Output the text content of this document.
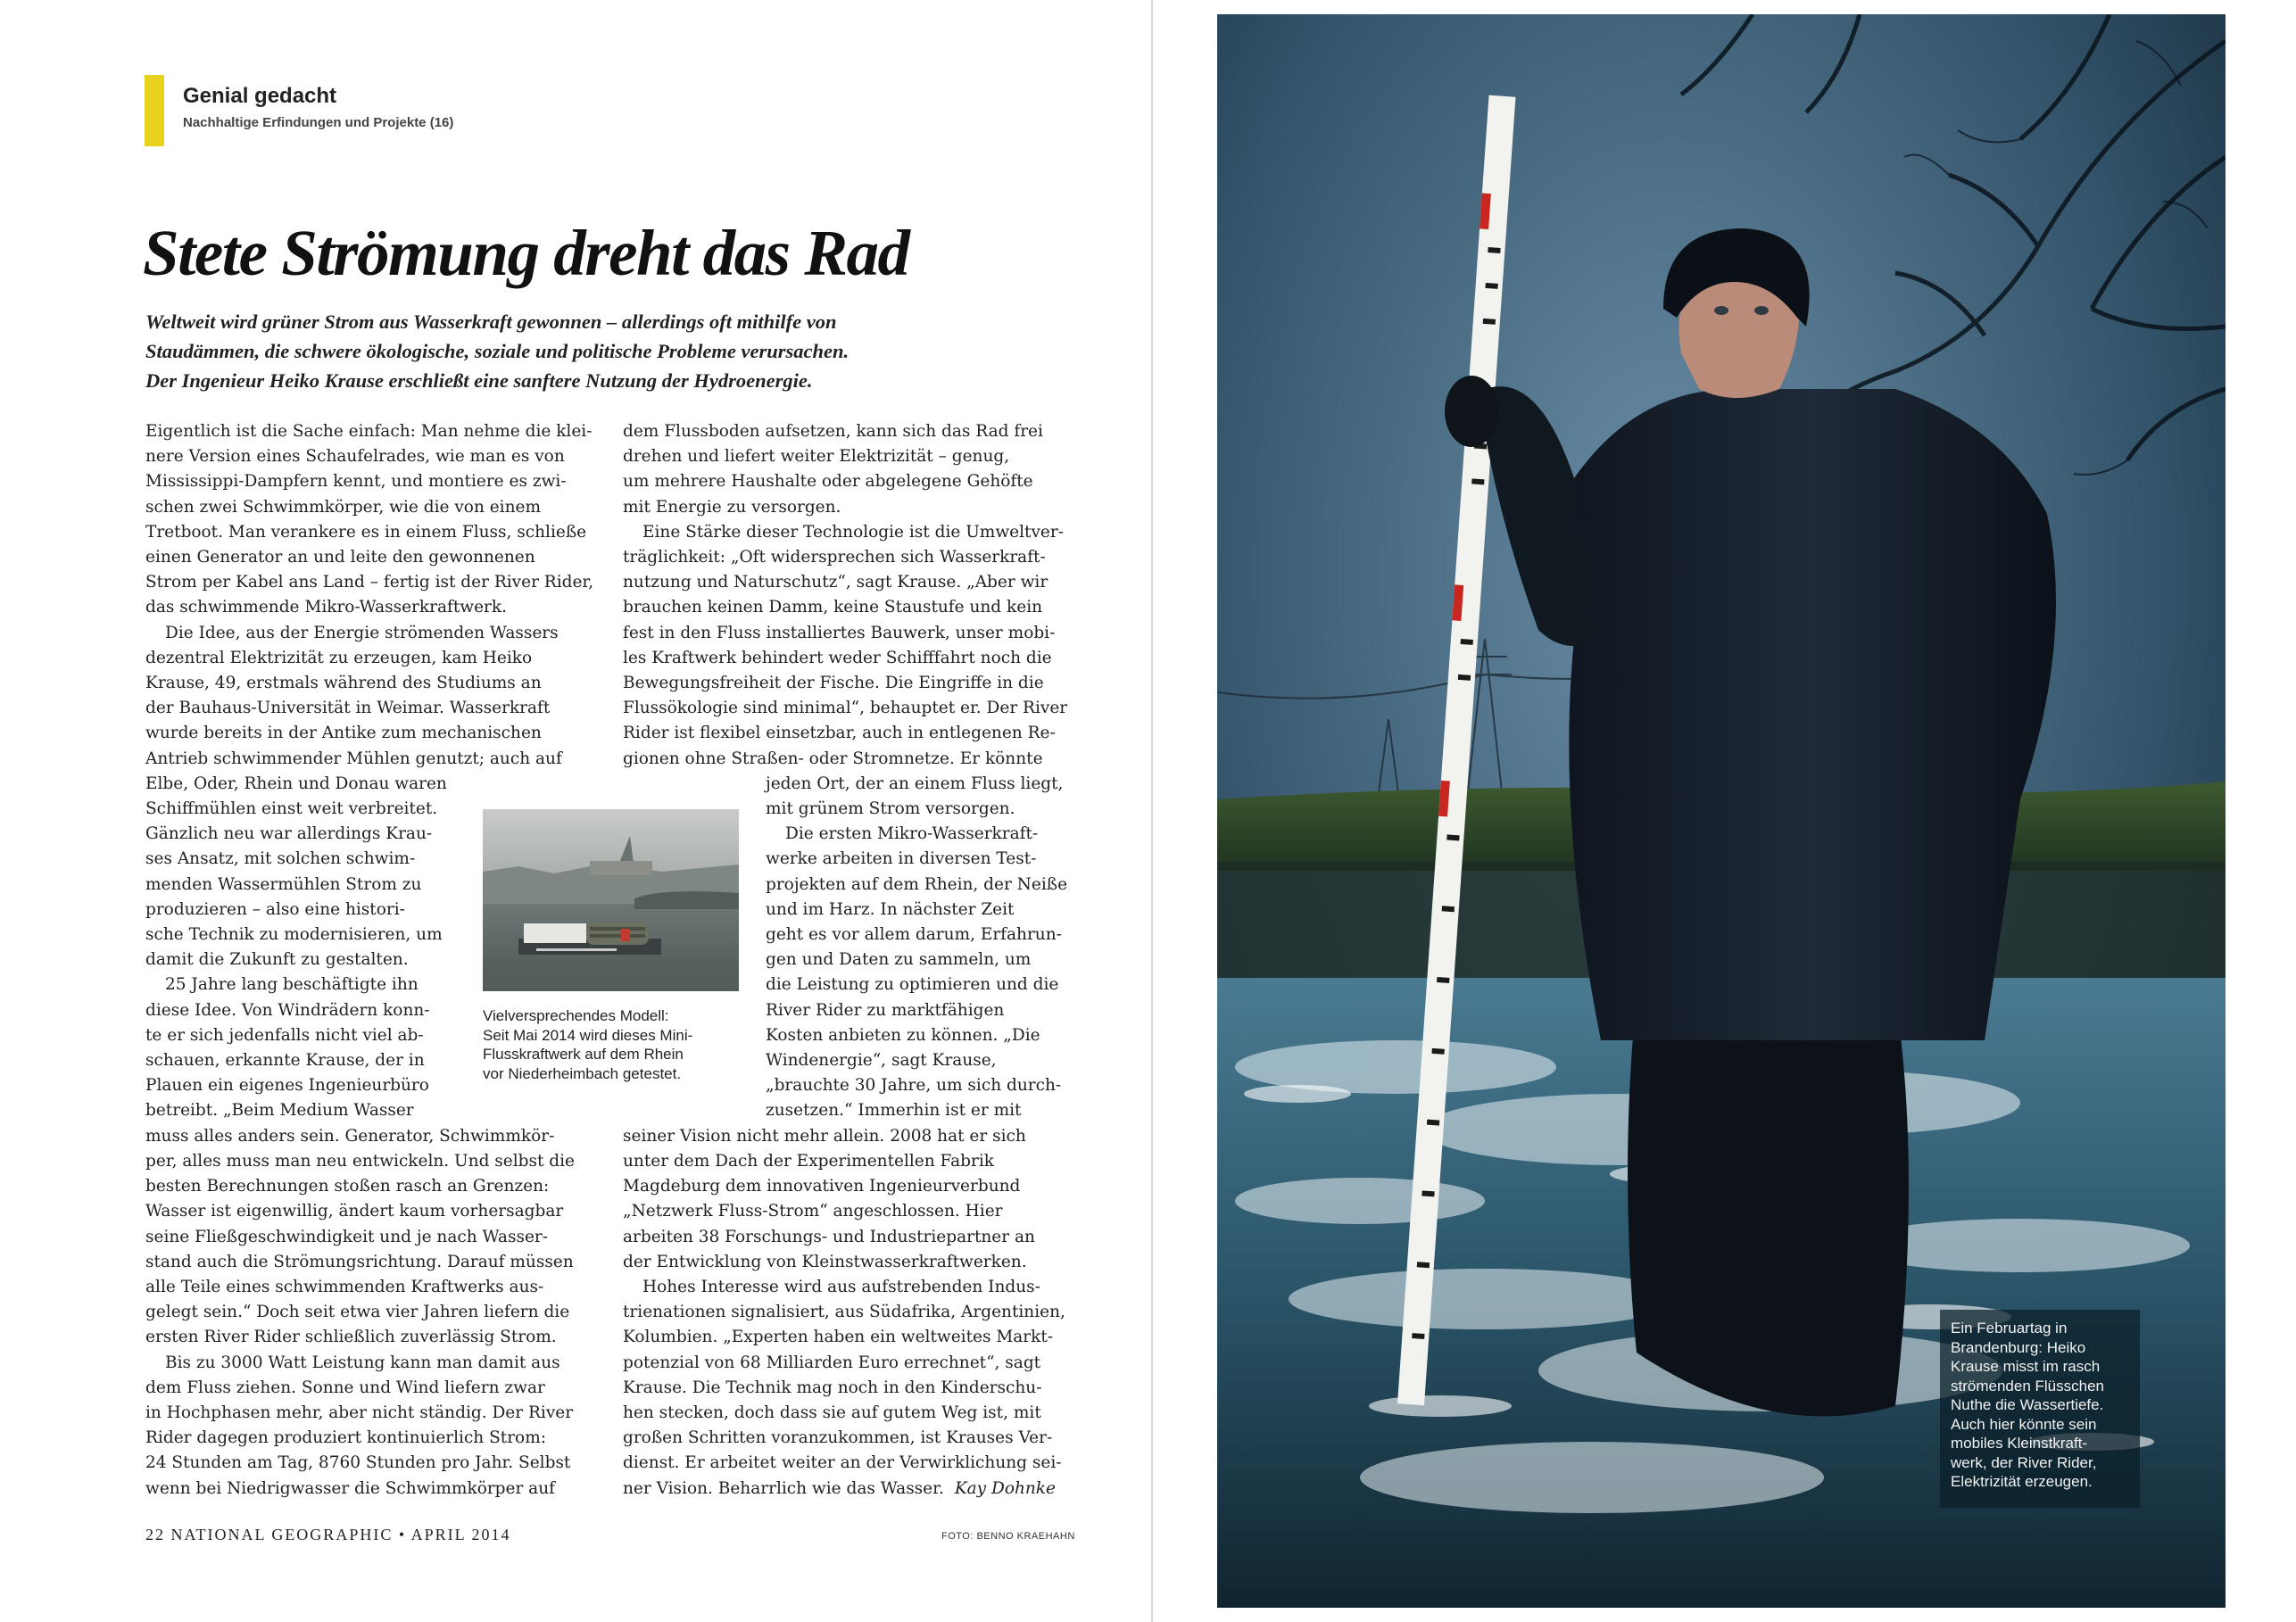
Genial gedacht
Nachhaltige Erfindungen und Projekte (16)
Stete Strömung dreht das Rad

Weltweit wird grüner Strom aus Wasserkraft gewonnen – allerdings oft mithilfe von

Staudämmen, die schwere ökologische, soziale und politische Probleme verursachen.

Der Ingenieur Heiko Krause erschließt eine sanftere Nutzung der Hydroenergie.

Eigentlich ist die Sache einfach: Man nehme die klei-

nere Version eines Schaufelrades, wie man es von

Mississippi-Dampfern kennt, und montiere es zwi-

schen zwei Schwimmkörper, wie die von einem

Tretboot. Man verankere es in einem Fluss, schließe

einen Generator an und leite den gewonnenen

Strom per Kabel ans Land – fertig ist der River Rider,

das schwimmende Mikro-Wasserkraftwerk.

Die Idee, aus der Energie strömenden Wassers

dezentral Elektrizität zu erzeugen, kam Heiko

Krause, 49, erstmals während des Studiums an

der Bauhaus-Universität in Weimar. Wasserkraft

wurde bereits in der Antike zum mechanischen

Antrieb schwimmender Mühlen genutzt; auch auf

Elbe, Oder, Rhein und Donau waren

Schiffmühlen einst weit verbreitet.

Gänzlich neu war allerdings Krau-

ses Ansatz, mit solchen schwim-

menden Wassermühlen Strom zu

produzieren – also eine histori-

sche Technik zu modernisieren, um

damit die Zukunft zu gestalten.

25 Jahre lang beschäftigte ihn

diese Idee. Von Windrädern konn-

te er sich jedenfalls nicht viel ab-

schauen, erkannte Krause, der in

Plauen ein eigenes Ingenieurbüro

betreibt. „Beim Medium Wasser

muss alles anders sein. Generator, Schwimmkör-

per, alles muss man neu entwickeln. Und selbst die

besten Berechnungen stoßen rasch an Grenzen:

Wasser ist eigenwillig, ändert kaum vorhersagbar

seine Fließgeschwindigkeit und je nach Wasser-

stand auch die Strömungsrichtung. Darauf müssen

alle Teile eines schwimmenden Kraftwerks aus-

gelegt sein.“ Doch seit etwa vier Jahren liefern die

ersten River Rider schließlich zuverlässig Strom.

Bis zu 3000 Watt Leistung kann man damit aus

dem Fluss ziehen. Sonne und Wind liefern zwar

in Hochphasen mehr, aber nicht ständig. Der River

Rider dagegen produziert kontinuierlich Strom:

24 Stunden am Tag, 8760 Stunden pro Jahr. Selbst

wenn bei Niedrigwasser die Schwimmkörper auf

dem Flussboden aufsetzen, kann sich das Rad frei

drehen und liefert weiter Elektrizität – genug,

um mehrere Haushalte oder abgelegene Gehöfte

mit Energie zu versorgen.

Eine Stärke dieser Technologie ist die Umweltver-

träglichkeit: „Oft widersprechen sich Wasserkraft-

nutzung und Naturschutz“, sagt Krause. „Aber wir

brauchen keinen Damm, keine Staustufe und kein

fest in den Fluss installiertes Bauwerk, unser mobi-

les Kraftwerk behindert weder Schifffahrt noch die

Bewegungsfreiheit der Fische. Die Eingriffe in die

Flussökologie sind minimal“, behauptet er. Der River

Rider ist flexibel einsetzbar, auch in entlegenen Re-

gionen ohne Straßen- oder Stromnetze. Er könnte

jeden Ort, der an einem Fluss liegt,

mit grünem Strom versorgen.

Die ersten Mikro-Wasserkraft-

werke arbeiten in diversen Test-

projekten auf dem Rhein, der Neiße

und im Harz. In nächster Zeit

geht es vor allem darum, Erfahrun-

gen und Daten zu sammeln, um

die Leistung zu optimieren und die

River Rider zu marktfähigen

Kosten anbieten zu können. „Die

Windenergie“, sagt Krause,

„brauchte 30 Jahre, um sich durch-

zusetzen.“ Immerhin ist er mit

seiner Vision nicht mehr allein. 2008 hat er sich

unter dem Dach der Experimentellen Fabrik

Magdeburg dem innovativen Ingenieurverbund

„Netzwerk Fluss-Strom“ angeschlossen. Hier

arbeiten 38 Forschungs- und Industriepartner an

der Entwicklung von Kleinstwasserkraftwerken.

Hohes Interesse wird aus aufstrebenden Indus-

trienationen signalisiert, aus Südafrika, Argentinien,

Kolumbien. „Experten haben ein weltweites Markt-

potenzial von 68 Milliarden Euro errechnet“, sagt

Krause. Die Technik mag noch in den Kinderschu-

hen stecken, doch dass sie auf gutem Weg ist, mit

großen Schritten voranzukommen, ist Krauses Ver-

dienst. Er arbeitet weiter an der Verwirklichung sei-

ner Vision. Beharrlich wie das Wasser. Kay Dohnke

Vielversprechendes Modell:

Seit Mai 2014 wird dieses Mini-

Flusskraftwerk auf dem Rhein

vor Niederheimbach getestet.

22 NATIONAL GEOGRAPHIC • APRIL 2014	FOTO: BENNO KRAEHAHN

Ein Februartag in

Brandenburg: Heiko

Krause misst im rasch

strömenden Flüsschen

Nuthe die Wassertiefe.

Auch hier könnte sein

mobiles Kleinstkraft-

werk, der River Rider,

Elektrizität erzeugen.
